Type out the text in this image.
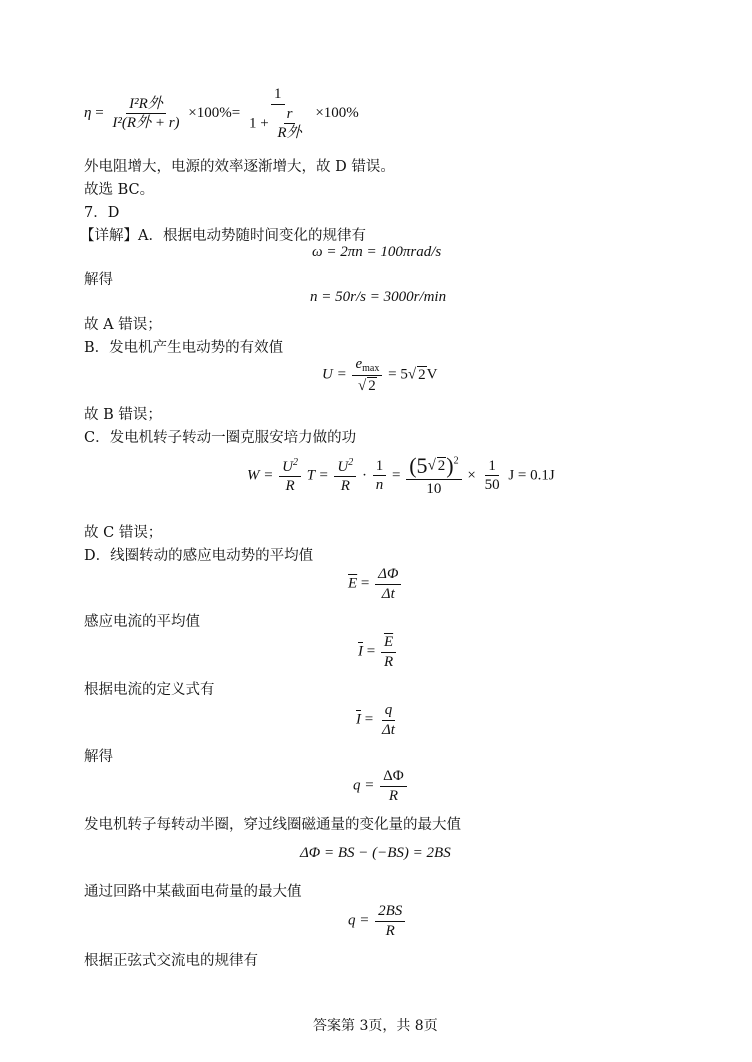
$\eta = \frac{\text{I²R外}}{\text{I²(R外 + r)}} \times 100\%= \frac{1}{1 + \frac{r}{\text{R外}}} \times 100\%$
外电阻增大，电源的效率逐渐增大，故 D 错误。
故选 BC。
7．D
【详解】A．根据电动势随时间变化的规律有
ω = 2πn = 100πrad/s
解得
n = 50r/s = 3000r/min
故 A 错误；
B．发电机产生电动势的有效值
$U = \frac{e_{max}}{√ 2} = 5√$ 2V
故 B 错误；
C．发电机转子转动一圈克服安培力做的功
$W = \frac{U^2}{R}$ $T = \frac{U^2}{R} \cdot \frac{1}{n} = \frac{(5√ 2)^2}{10} \times \frac{1}{50}$ J = 0.1J
故 C 错误；
D．线圈转动的感应电动势的平均值
$\overline{E} = \frac{\Delta\Phi}{\Delta t}$
感应电流的平均值
$\overline{I} = \frac{\overline{E}}{R}$
根据电流的定义式有
$\overline{I} = \frac{q}{\Delta t}$
解得
$q = \frac{\Delta\Phi}{R}$
发电机转子每转动半圈，穿过线圈磁通量的变化量的最大值
ΔΦ = BS − (−BS) = 2BS
通过回路中某截面电荷量的最大值
$q = \frac{2BS}{R}$
根据正弦式交流电的规律有
答案第 3页，共 8页
